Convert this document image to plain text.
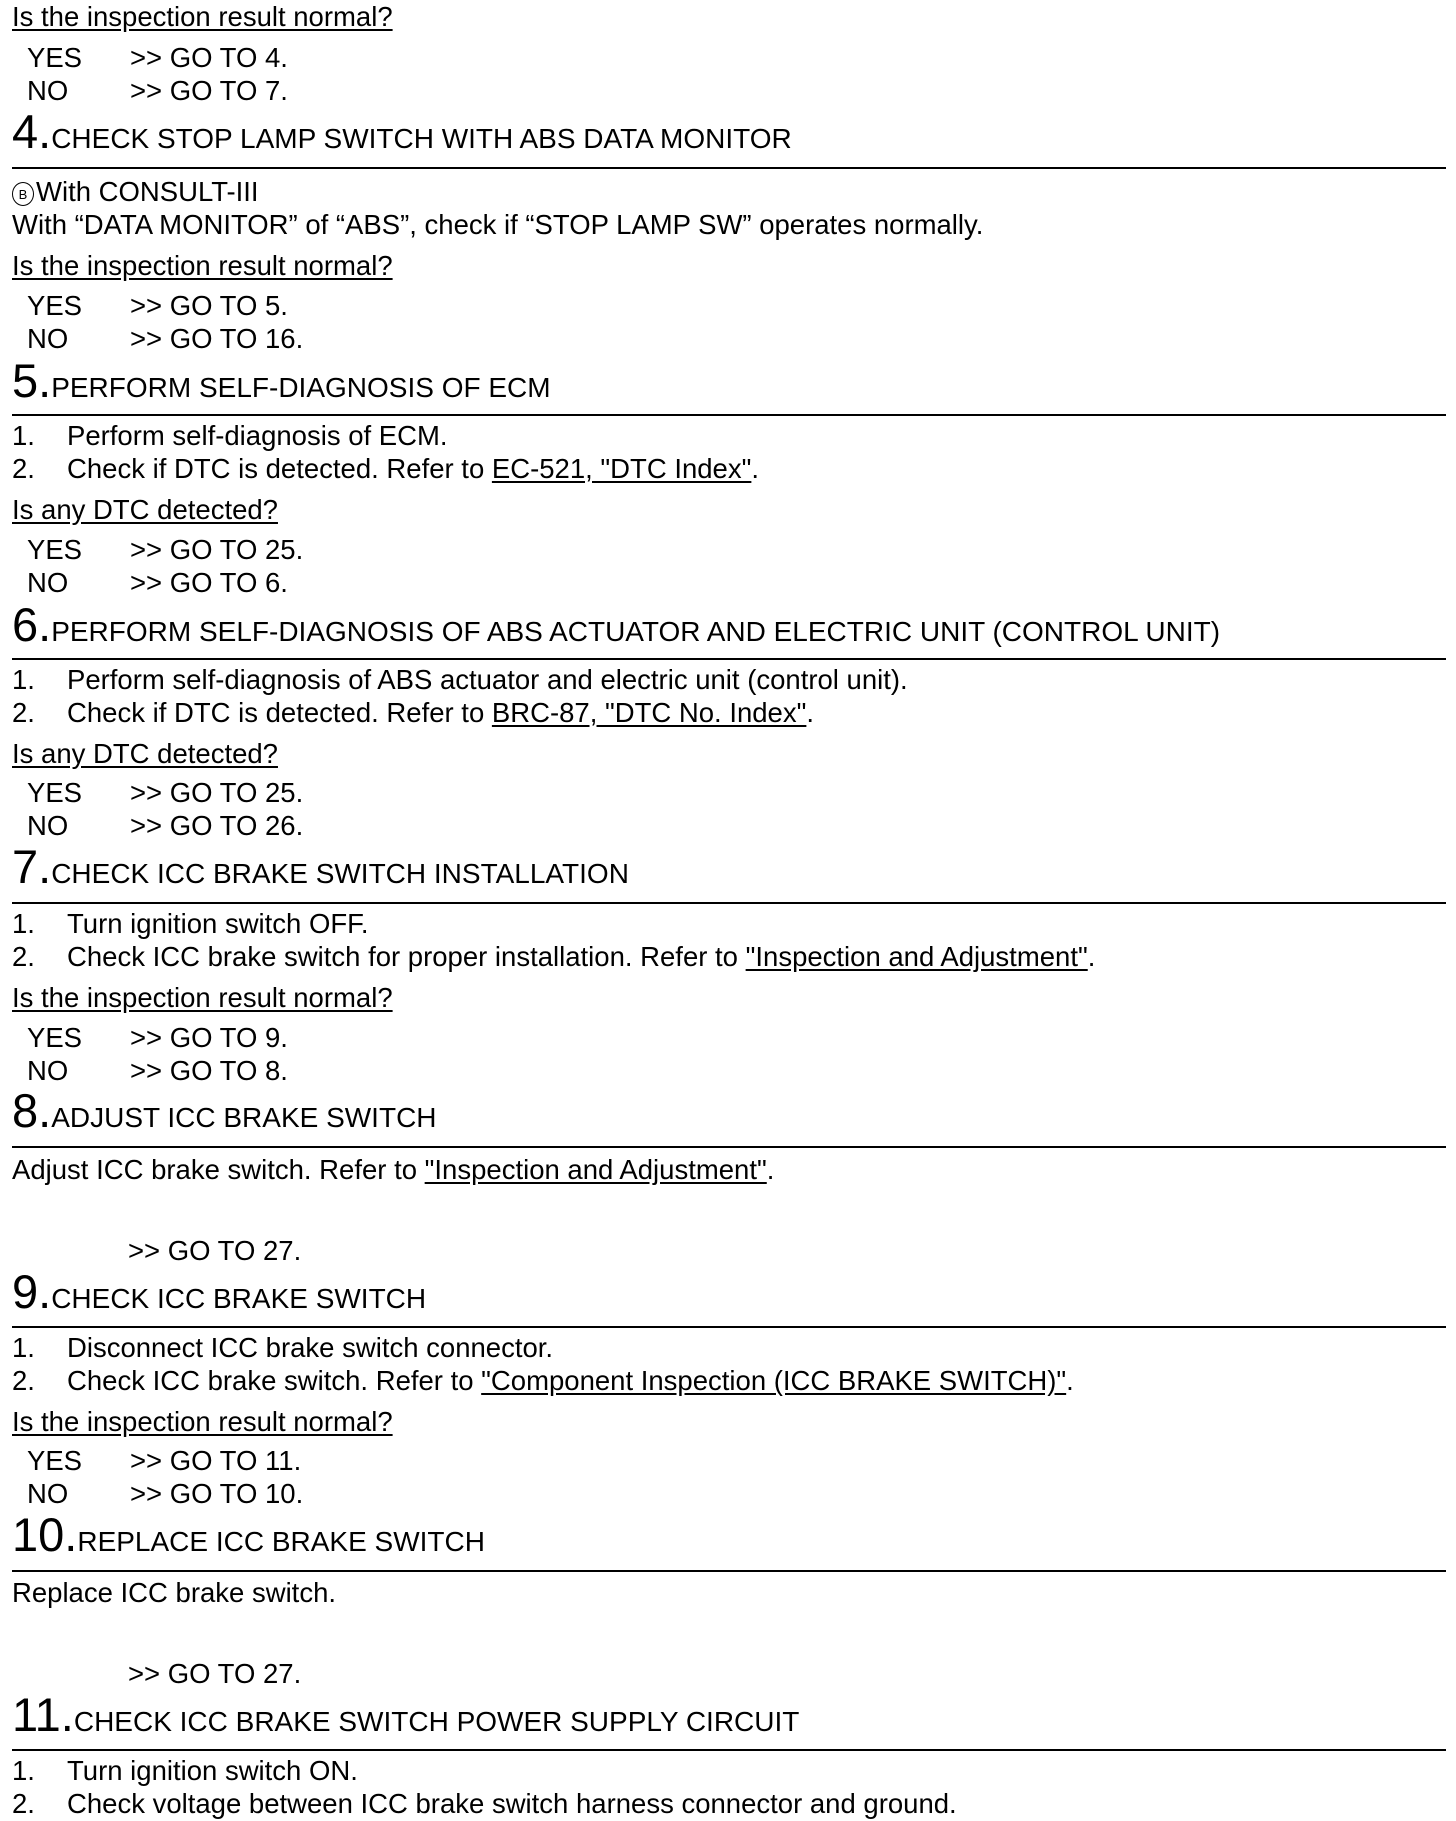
Is the inspection result normal?
YES >> GO TO 4.
NO >> GO TO 7.
4.CHECK STOP LAMP SWITCH WITH ABS DATA MONITOR
B With CONSULT-III
With “DATA MONITOR” of “ABS”, check if “STOP LAMP SW” operates normally.
Is the inspection result normal?
YES >> GO TO 5.
NO >> GO TO 16.
5.PERFORM SELF-DIAGNOSIS OF ECM
1. Perform self-diagnosis of ECM.
2. Check if DTC is detected. Refer to EC-521, "DTC Index".
Is any DTC detected?
YES >> GO TO 25.
NO >> GO TO 6.
6.PERFORM SELF-DIAGNOSIS OF ABS ACTUATOR AND ELECTRIC UNIT (CONTROL UNIT)
1. Perform self-diagnosis of ABS actuator and electric unit (control unit).
2. Check if DTC is detected. Refer to BRC-87, "DTC No. Index".
Is any DTC detected?
YES >> GO TO 25.
NO >> GO TO 26.
7.CHECK ICC BRAKE SWITCH INSTALLATION
1. Turn ignition switch OFF.
2. Check ICC brake switch for proper installation. Refer to "Inspection and Adjustment".
Is the inspection result normal?
YES >> GO TO 9.
NO >> GO TO 8.
8.ADJUST ICC BRAKE SWITCH
Adjust ICC brake switch. Refer to "Inspection and Adjustment".
>> GO TO 27.
9.CHECK ICC BRAKE SWITCH
1. Disconnect ICC brake switch connector.
2. Check ICC brake switch. Refer to "Component Inspection (ICC BRAKE SWITCH)".
Is the inspection result normal?
YES >> GO TO 11.
NO >> GO TO 10.
10.REPLACE ICC BRAKE SWITCH
Replace ICC brake switch.
>> GO TO 27.
11.CHECK ICC BRAKE SWITCH POWER SUPPLY CIRCUIT
1. Turn ignition switch ON.
2. Check voltage between ICC brake switch harness connector and ground.
